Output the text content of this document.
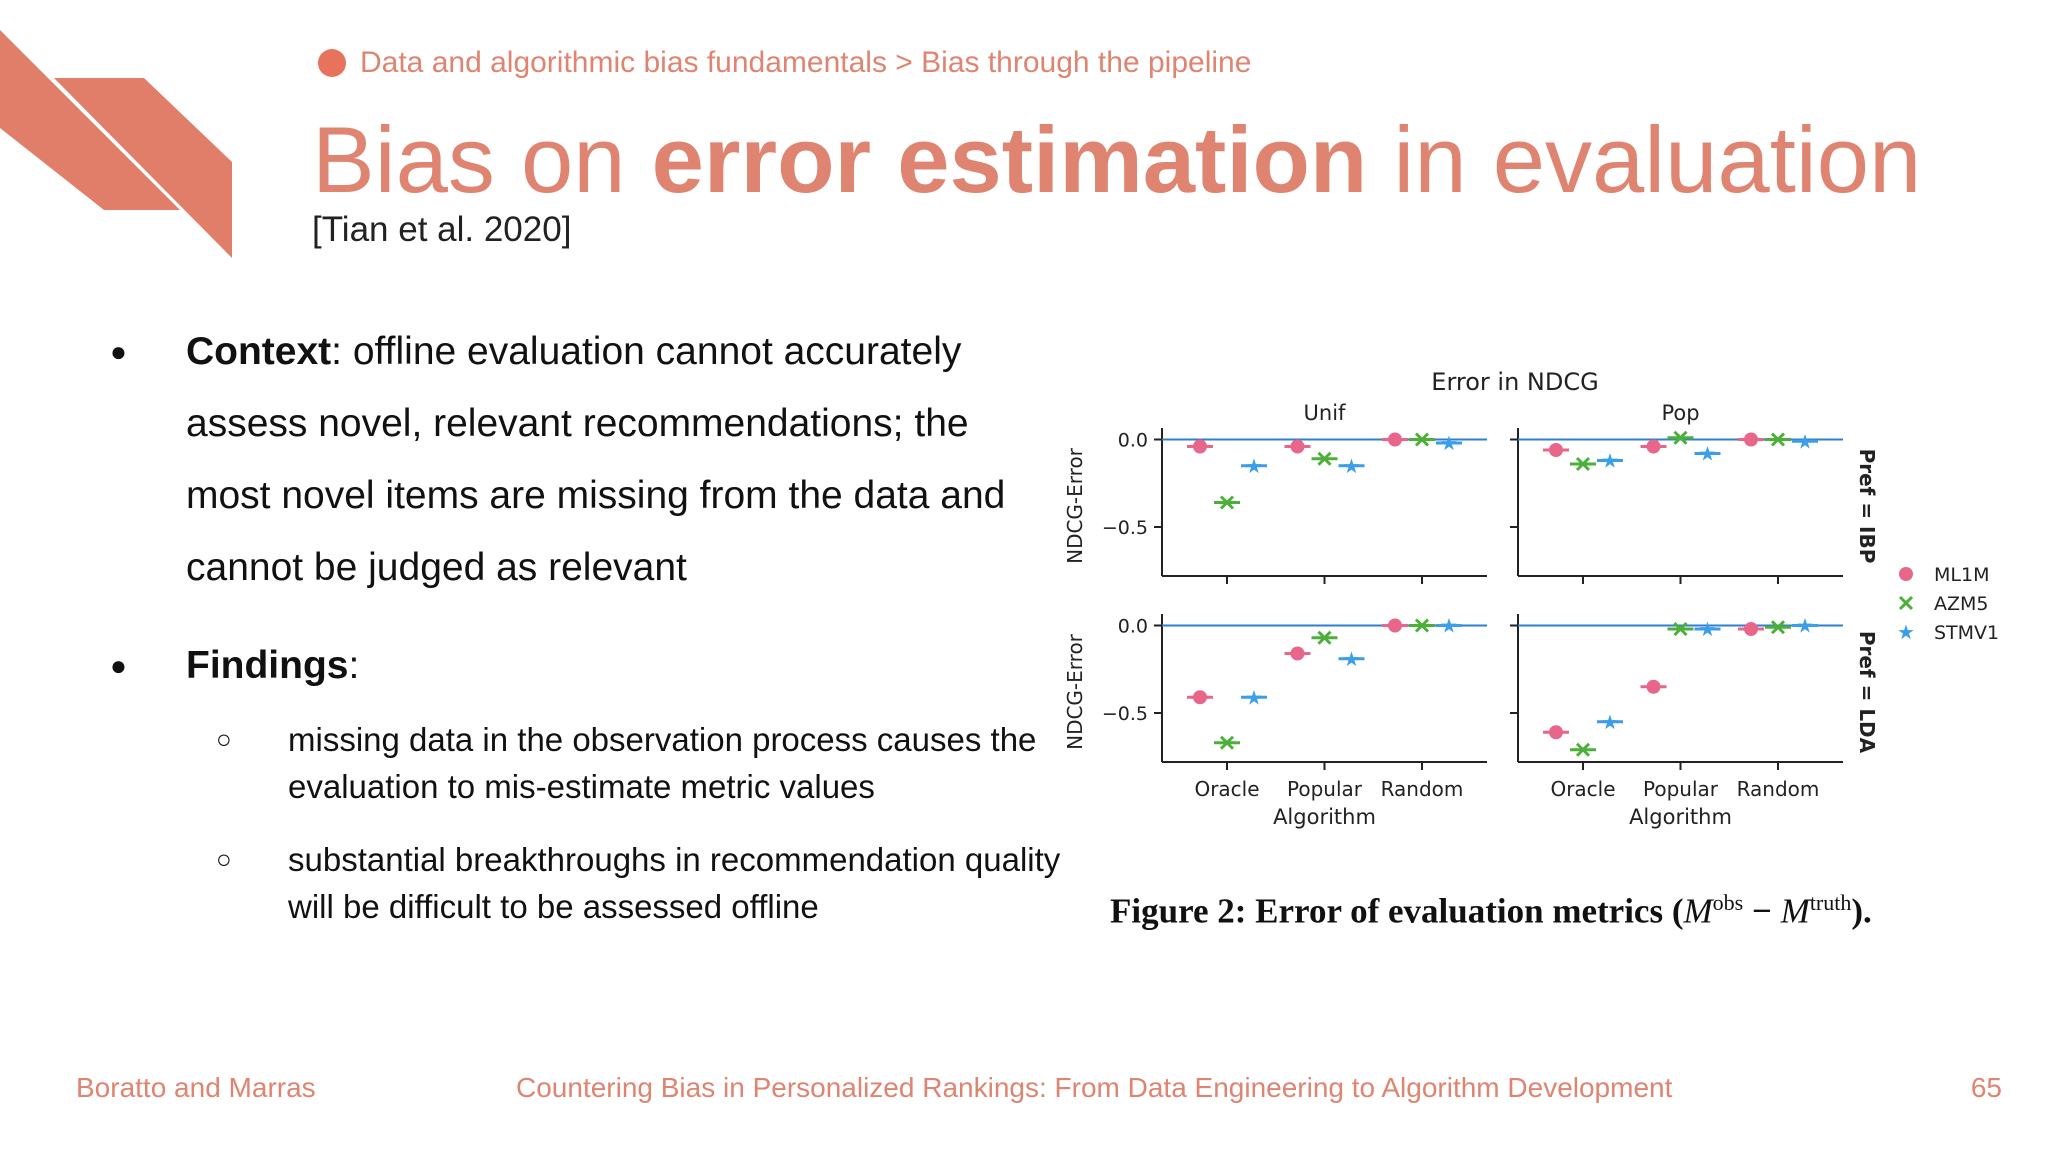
Data and algorithmic bias fundamentals > Bias through the pipeline
Bias on error estimation in evaluation
[Tian et al. 2020]
● Context: offline evaluation cannot accurately assess novel, relevant recommendations; the most novel items are missing from the data and cannot be judged as relevant
● Findings:
○ missing data in the observation process causes the evaluation to mis-estimate metric values
○ substantial breakthroughs in recommendation quality will be difficult to be assessed offline
Error in NDCG
0.0
−0.5
★	★
★
★	★
★
0.0
−0.5
Oracle Popular Random
★
★
★
Oracle Popular Random
★
★	★
Unif	Pop
Algorithm	Algorithm
NDCG-Error
NDCG-Error
Pref = IBP
Pref = LDA
ML1M
AZM5
★ STMV1
Figure 2: Error of evaluation metrics $(M^{obs} - M^{truth})$.
Boratto and Marras	Countering Bias in Personalized Rankings: From Data Engineering to Algorithm Development	65
